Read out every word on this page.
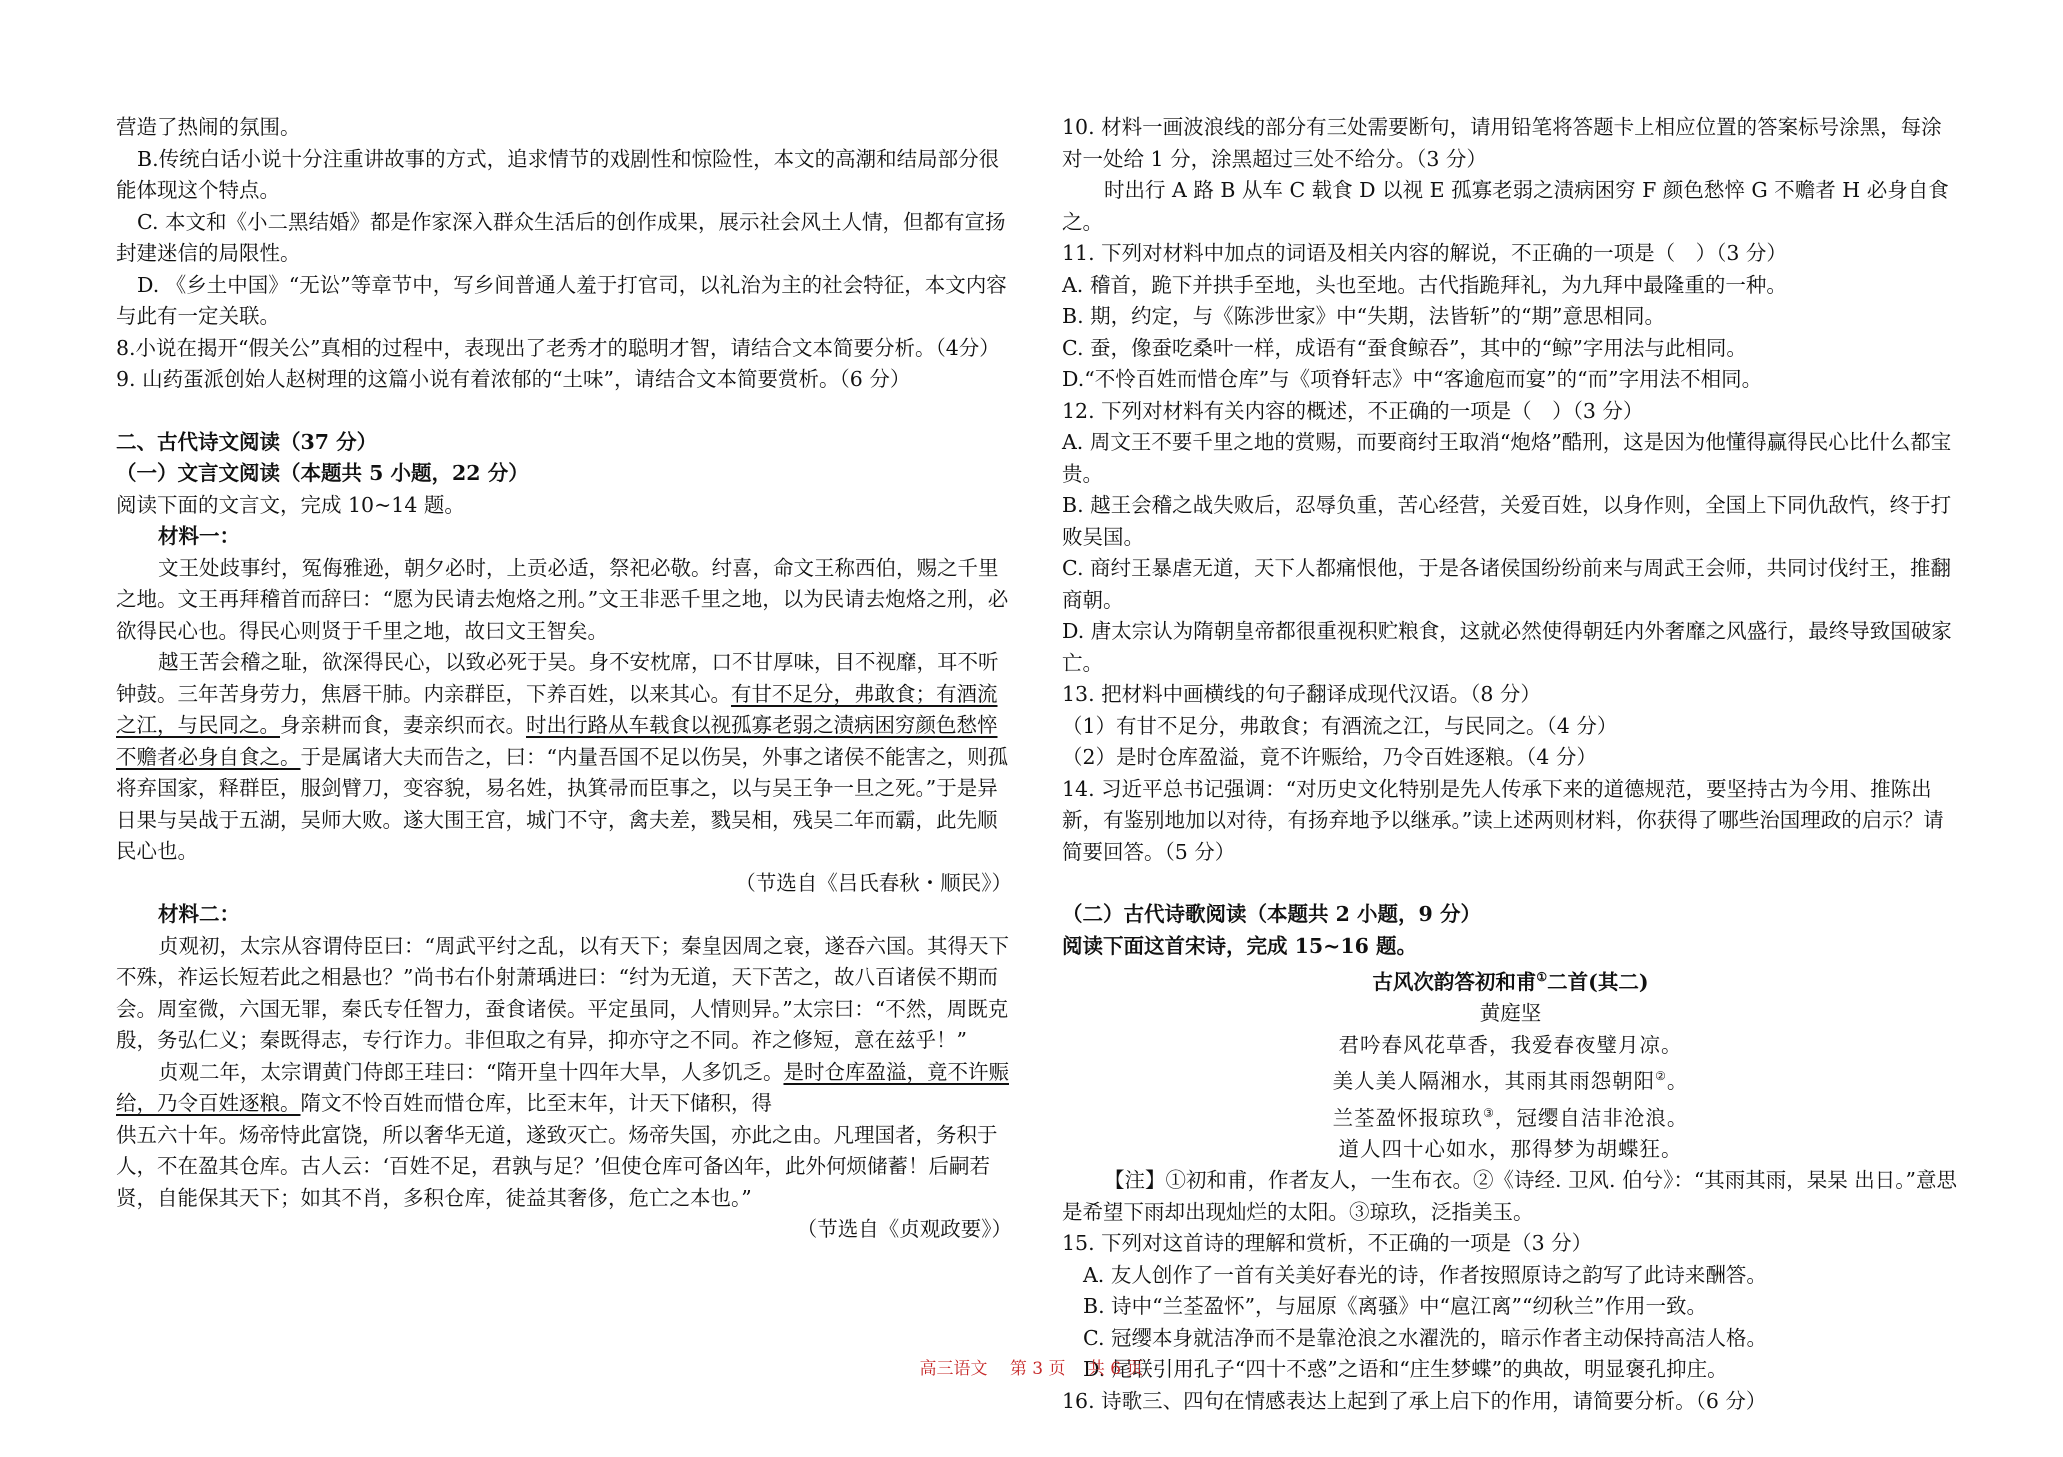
营造了热闹的氛围。

B.传统白话小说十分注重讲故事的方式，追求情节的戏剧性和惊险性，本文的高潮和结局部分很能体现这个特点。

C. 本文和《小二黑结婚》都是作家深入群众生活后的创作成果，展示社会风土人情，但都有宣扬封建迷信的局限性。

D. 《乡土中国》“无讼”等章节中，写乡间普通人羞于打官司，以礼治为主的社会特征，本文内容与此有一定关联。

8.小说在揭开“假关公”真相的过程中，表现出了老秀才的聪明才智，请结合文本简要分析。（4分）

9. 山药蛋派创始人赵树理的这篇小说有着浓郁的“土味”，请结合文本简要赏析。（6 分）

二、古代诗文阅读（37 分）

（一）文言文阅读（本题共 5 小题，22 分）

阅读下面的文言文，完成 10~14 题。

材料一：

文王处歧事纣，冤侮雅逊，朝夕必时，上贡必适，祭祀必敬。纣喜，命文王称西伯，赐之千里之地。文王再拜稽首而辞曰：“愿为民请去炮烙之刑。”文王非恶千里之地，以为民请去炮烙之刑，必欲得民心也。得民心则贤于千里之地，故曰文王智矣。

越王苦会稽之耻，欲深得民心，以致必死于吴。身不安枕席，口不甘厚味，目不视靡，耳不听钟鼓。三年苦身劳力，焦唇干肺。内亲群臣，下养百姓，以来其心。有甘不足分，弗敢食；有酒流之江，与民同之。身亲耕而食，妻亲织而衣。时出行路从车载食以视孤寡老弱之渍病困穷颜色愁悴不赡者必身自食之。于是属诸大夫而告之，曰：“内量吾国不足以伤吴，外事之诸侯不能害之，则孤将弃国家，释群臣，服剑臂刀，变容貌，易名姓，执箕帚而臣事之，以与吴王争一旦之死。”于是异日果与吴战于五湖，吴师大败。遂大围王宫，城门不守，禽夫差，戮吴相，残吴二年而霸，此先顺民心也。

（节选自《吕氏春秋・顺民》）

材料二：

贞观初，太宗从容谓侍臣曰：“周武平纣之乱，以有天下；秦皇因周之衰，遂吞六国。其得天下不殊，祚运长短若此之相悬也？”尚书右仆射萧瑀进曰：“纣为无道，天下苦之，故八百诸侯不期而会。周室微，六国无罪，秦氏专任智力，蚕食诸侯。平定虽同，人情则异。”太宗曰：“不然，周既克殷，务弘仁义；秦既得志，专行诈力。非但取之有异，抑亦守之不同。祚之修短，意在兹乎！”

贞观二年，太宗谓黄门侍郎王珪曰：“隋开皇十四年大旱，人多饥乏。是时仓库盈溢，竟不许赈给，乃令百姓逐粮。隋文不怜百姓而惜仓库，比至末年，计天下储积，得

供五六十年。炀帝恃此富饶，所以奢华无道，遂致灭亡。炀帝失国，亦此之由。凡理国者，务积于人，不在盈其仓库。古人云：‘百姓不足，君孰与足？’但使仓库可备凶年，此外何烦储蓄！后嗣若贤，自能保其天下；如其不肖，多积仓库，徒益其奢侈，危亡之本也。”

（节选自《贞观政要》）

10. 材料一画波浪线的部分有三处需要断句，请用铅笔将答题卡上相应位置的答案标号涂黑，每涂对一处给 1 分，涂黑超过三处不给分。（3 分）

时出行 A 路 B 从车 C 载食 D 以视 E 孤寡老弱之渍病困穷 F 颜色愁悴 G 不赡者 H 必身自食之。

11. 下列对材料中加点的词语及相关内容的解说，不正确的一项是（　）（3 分）

A. 稽首，跪下并拱手至地，头也至地。古代指跪拜礼，为九拜中最隆重的一种。

B. 期，约定，与《陈涉世家》中“失期，法皆斩”的“期”意思相同。

C. 蚕，像蚕吃桑叶一样，成语有“蚕食鲸吞”，其中的“鲸”字用法与此相同。

D.“不怜百姓而惜仓库”与《项脊轩志》中“客逾庖而宴”的“而”字用法不相同。

12. 下列对材料有关内容的概述，不正确的一项是（　）（3 分）

A. 周文王不要千里之地的赏赐，而要商纣王取消“炮烙”酷刑，这是因为他懂得赢得民心比什么都宝贵。

B. 越王会稽之战失败后，忍辱负重，苦心经营，关爱百姓，以身作则，全国上下同仇敌忾，终于打败吴国。

C. 商纣王暴虐无道，天下人都痛恨他，于是各诸侯国纷纷前来与周武王会师，共同讨伐纣王，推翻商朝。

D. 唐太宗认为隋朝皇帝都很重视积贮粮食，这就必然使得朝廷内外奢靡之风盛行，最终导致国破家亡。

13. 把材料中画横线的句子翻译成现代汉语。（8 分）

（1）有甘不足分，弗敢食；有酒流之江，与民同之。（4 分）

（2）是时仓库盈溢，竟不许赈给，乃令百姓逐粮。（4 分）

14. 习近平总书记强调：“对历史文化特别是先人传承下来的道德规范，要坚持古为今用、推陈出新，有鉴别地加以对待，有扬弃地予以继承。”读上述两则材料，你获得了哪些治国理政的启示？请简要回答。（5 分）

（二）古代诗歌阅读（本题共 2 小题，9 分）

阅读下面这首宋诗，完成 15~16 题。

古风次韵答初和甫①二首(其二)

黄庭坚

君吟春风花草香，我爱春夜璧月凉。

美人美人隔湘水，其雨其雨怨朝阳②。

兰荃盈怀报琼玖③，冠缨自洁非沧浪。

道人四十心如水，那得梦为胡蝶狂。

【注】①初和甫，作者友人，一生布衣。②《诗经. 卫风. 伯兮》：“其雨其雨，杲杲 出日。”意思是希望下雨却出现灿烂的太阳。③琼玖，泛指美玉。

15. 下列对这首诗的理解和赏析，不正确的一项是（3 分）

A. 友人创作了一首有关美好春光的诗，作者按照原诗之韵写了此诗来酬答。

B. 诗中“兰荃盈怀”，与屈原《离骚》中“扈江离”“纫秋兰”作用一致。

C. 冠缨本身就洁净而不是靠沧浪之水濯洗的，暗示作者主动保持高洁人格。

D. 尾联引用孔子“四十不惑”之语和“庄生梦蝶”的典故，明显褒孔抑庄。

16. 诗歌三、四句在情感表达上起到了承上启下的作用，请简要分析。（6 分）

高三语文　 第 3 页　 共 6 页
